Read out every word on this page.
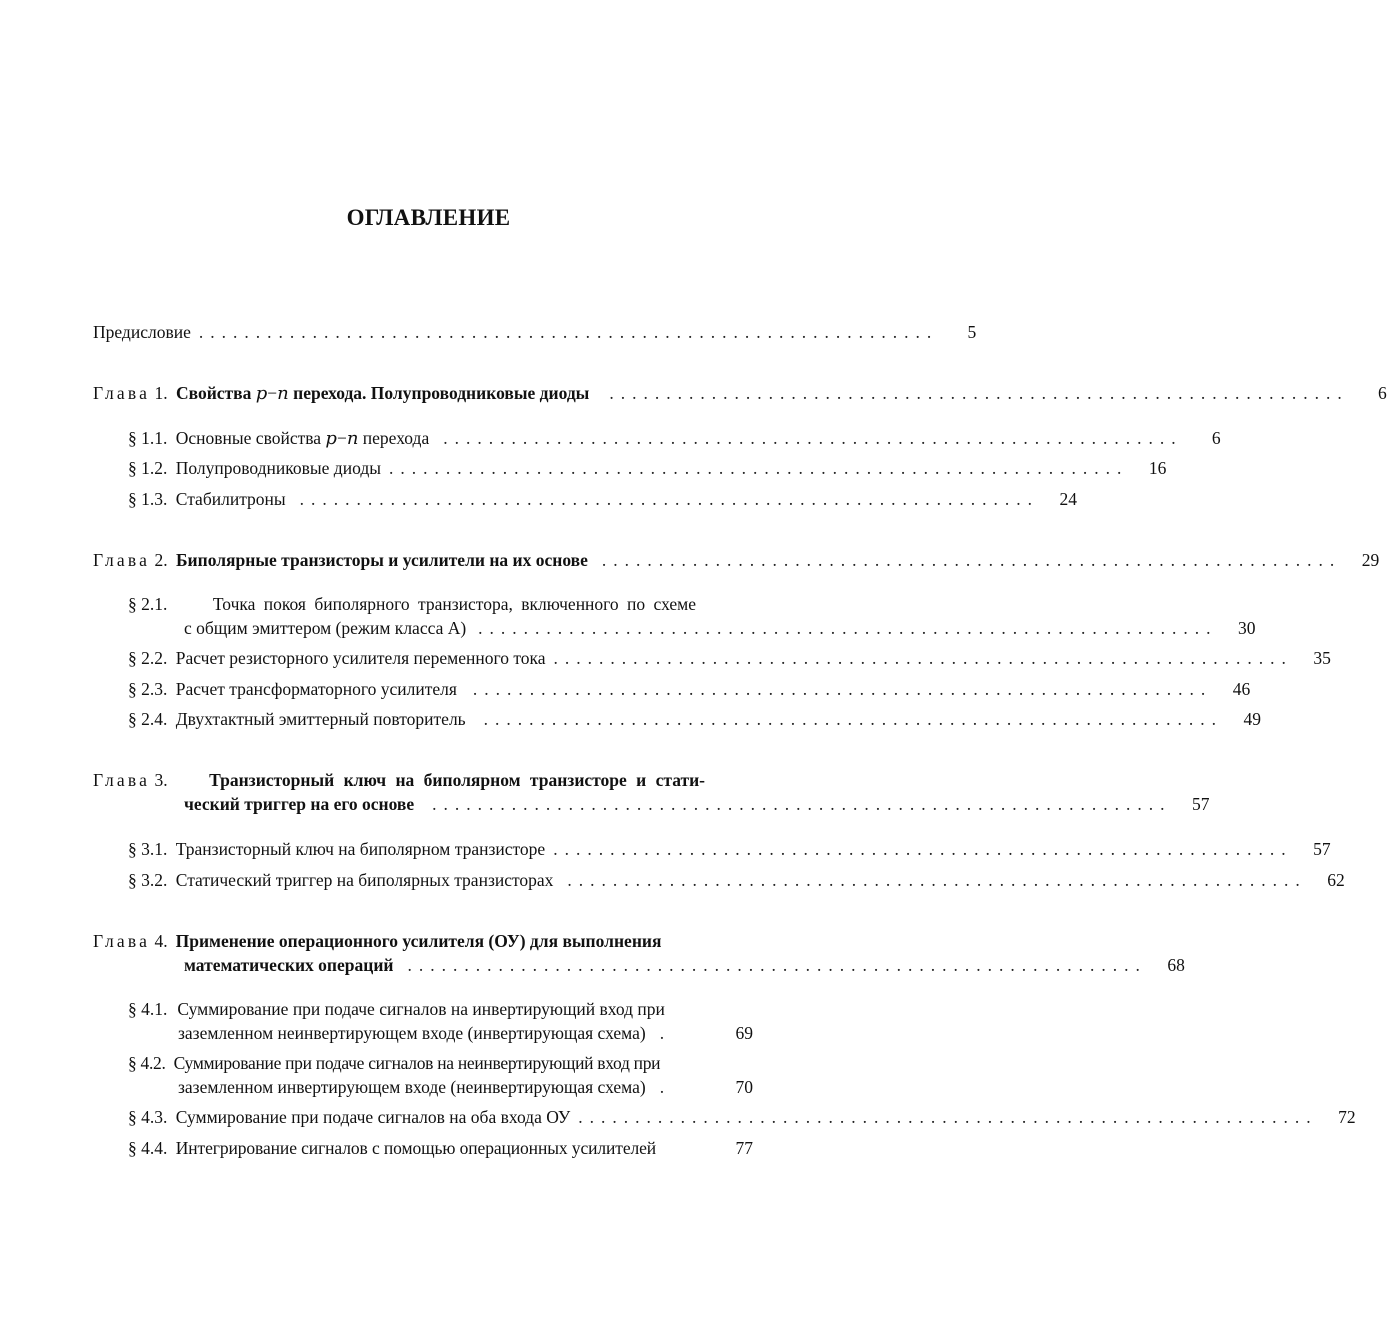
ОГЛАВЛЕНИЕ
Предисловие .................................................................	5
Глава 1. Свойства p−n перехода. Полупроводниковые диоды .................................................................	6
§ 1.1. Основные свойства p−n перехода .................................................................	6
§ 1.2. Полупроводниковые диоды .................................................................	16
§ 1.3. Стабилитроны .................................................................	24
Глава 2. Биполярные транзисторы и усилители на их основе .................................................................	29
§ 2.1.	Точка покоя биполярного транзистора, включенного по схеме
с общим эмиттером (режим класса А) .................................................................	30
§ 2.2. Расчет резисторного усилителя переменного тока .................................................................	35
§ 2.3. Расчет трансформаторного усилителя .................................................................	46
§ 2.4. Двухтактный эмиттерный повторитель .................................................................	49
Глава 3. Транзисторный ключ на биполярном транзисторе и стати-
ческий триггер на его основе .................................................................	57
§ 3.1. Транзисторный ключ на биполярном транзисторе .................................................................	57
§ 3.2. Статический триггер на биполярных транзисторах .................................................................	62
Глава 4. Применение операционного усилителя (ОУ) для выполнения
математических операций .................................................................	68
§ 4.1. Суммирование при подаче сигналов на инвертирующий вход при
заземленном неинвертирующем входе (инвертирующая схема) .	69
§ 4.2. Суммирование при подаче сигналов на неинвертирующий вход при
заземленном инвертирующем входе (неинвертирующая схема) .	70
§ 4.3. Суммирование при подаче сигналов на оба входа ОУ .................................................................	72
§ 4.4. Интегрирование сигналов с помощью операционных усилителей	77
